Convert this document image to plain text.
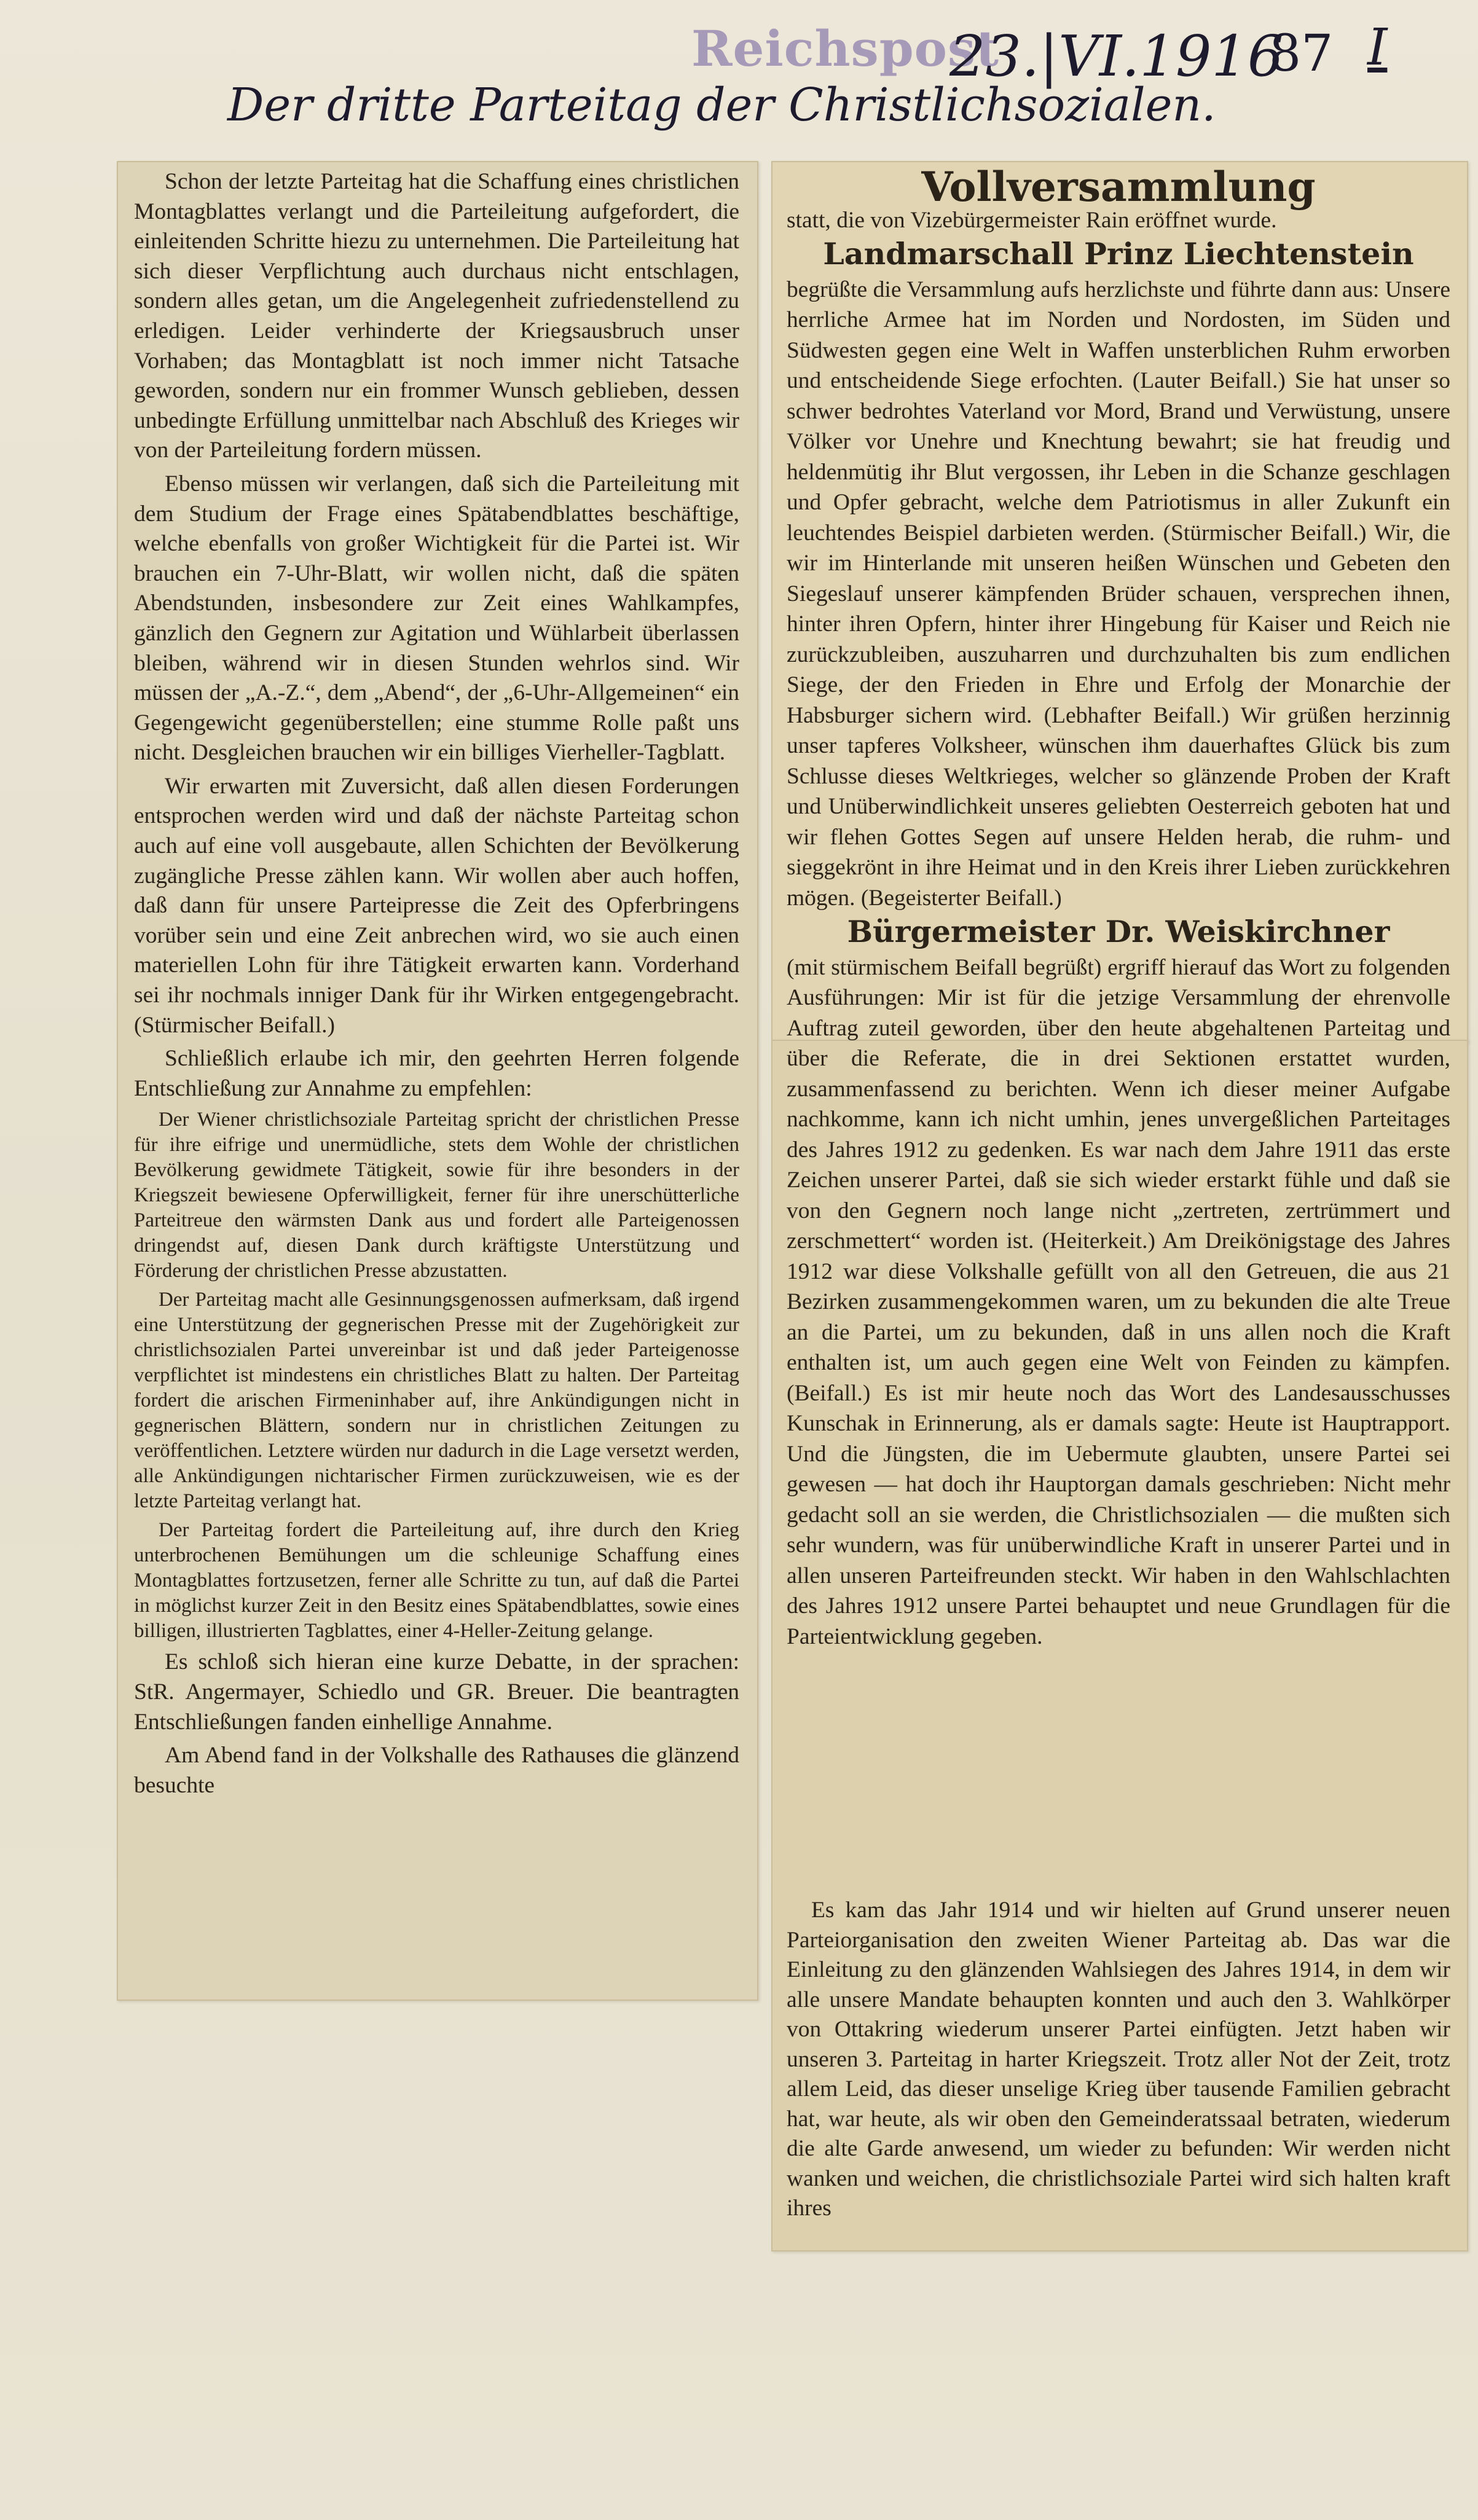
Reichspost
23.|VI.1916
87 I
Der dritte Parteitag der Christlichsozialen.

Schon der letzte Parteitag hat die Schaffung eines christlichen Montagblattes verlangt und die Parteileitung aufgefordert, die einleitenden Schritte hiezu zu unternehmen. Die Parteileitung hat sich dieser Verpflichtung auch durchaus nicht entschlagen, sondern alles getan, um die Angelegenheit zufriedenstellend zu erledigen. Leider verhinderte der Kriegsausbruch unser Vorhaben; das Montagblatt ist noch immer nicht Tatsache geworden, sondern nur ein frommer Wunsch geblieben, dessen unbedingte Erfüllung unmittelbar nach Abschluß des Krieges wir von der Parteileitung fordern müssen.

Ebenso müssen wir verlangen, daß sich die Parteileitung mit dem Studium der Frage eines Spätabendblattes beschäftige, welche ebenfalls von großer Wichtigkeit für die Partei ist. Wir brauchen ein 7-Uhr-Blatt, wir wollen nicht, daß die späten Abendstunden, insbesondere zur Zeit eines Wahlkampfes, gänzlich den Gegnern zur Agitation und Wühlarbeit überlassen bleiben, während wir in diesen Stunden wehrlos sind. Wir müssen der „A.-Z.“, dem „Abend“, der „6-Uhr-Allgemeinen“ ein Gegengewicht gegenüberstellen; eine stumme Rolle paßt uns nicht. Desgleichen brauchen wir ein billiges Vierheller-Tagblatt.

Wir erwarten mit Zuversicht, daß allen diesen Forderungen entsprochen werden wird und daß der nächste Parteitag schon auch auf eine voll ausgebaute, allen Schichten der Bevölkerung zugängliche Presse zählen kann. Wir wollen aber auch hoffen, daß dann für unsere Parteipresse die Zeit des Opferbringens vorüber sein und eine Zeit anbrechen wird, wo sie auch einen materiellen Lohn für ihre Tätigkeit erwarten kann. Vorderhand sei ihr nochmals inniger Dank für ihr Wirken entgegengebracht. (Stürmischer Beifall.)

Schließlich erlaube ich mir, den geehrten Herren folgende Entschließung zur Annahme zu empfehlen:

Der Wiener christlichsoziale Parteitag spricht der christlichen Presse für ihre eifrige und unermüdliche, stets dem Wohle der christlichen Bevölkerung gewidmete Tätigkeit, sowie für ihre besonders in der Kriegszeit bewiesene Opferwilligkeit, ferner für ihre unerschütterliche Parteitreue den wärmsten Dank aus und fordert alle Parteigenossen dringendst auf, diesen Dank durch kräftigste Unterstützung und Förderung der christlichen Presse abzustatten.

Der Parteitag macht alle Gesinnungsgenossen aufmerksam, daß irgend eine Unterstützung der gegnerischen Presse mit der Zugehörigkeit zur christlichsozialen Partei unvereinbar ist und daß jeder Parteigenosse verpflichtet ist mindestens ein christliches Blatt zu halten. Der Parteitag fordert die arischen Firmeninhaber auf, ihre Ankündigungen nicht in gegnerischen Blättern, sondern nur in christlichen Zeitungen zu veröffentlichen. Letztere würden nur dadurch in die Lage versetzt werden, alle Ankündigungen nichtarischer Firmen zurückzuweisen, wie es der letzte Parteitag verlangt hat.

Der Parteitag fordert die Parteileitung auf, ihre durch den Krieg unterbrochenen Bemühungen um die schleunige Schaffung eines Montagblattes fortzusetzen, ferner alle Schritte zu tun, auf daß die Partei in möglichst kurzer Zeit in den Besitz eines Spätabendblattes, sowie eines billigen, illustrierten Tagblattes, einer 4-Heller-Zeitung gelange.

Es schloß sich hieran eine kurze Debatte, in der sprachen: StR. Angermayer, Schiedlo und GR. Breuer. Die beantragten Entschließungen fanden einhellige Annahme.

Am Abend fand in der Volkshalle des Rathauses die glänzend besuchte

Vollversammlung

statt, die von Vizebürgermeister Rain eröffnet wurde.

Landmarschall Prinz Liechtenstein

begrüßte die Versammlung aufs herzlichste und führte dann aus: Unsere herrliche Armee hat im Norden und Nordosten, im Süden und Südwesten gegen eine Welt in Waffen unsterblichen Ruhm erworben und entscheidende Siege erfochten. (Lauter Beifall.) Sie hat unser so schwer bedrohtes Vaterland vor Mord, Brand und Verwüstung, unsere Völker vor Unehre und Knechtung bewahrt; sie hat freudig und heldenmütig ihr Blut vergossen, ihr Leben in die Schanze geschlagen und Opfer gebracht, welche dem Patriotismus in aller Zukunft ein leuchtendes Beispiel darbieten werden. (Stürmischer Beifall.) Wir, die wir im Hinterlande mit unseren heißen Wünschen und Gebeten den Siegeslauf unserer kämpfenden Brüder schauen, versprechen ihnen, hinter ihren Opfern, hinter ihrer Hingebung für Kaiser und Reich nie zurückzubleiben, auszuharren und durchzuhalten bis zum endlichen Siege, der den Frieden in Ehre und Erfolg der Monarchie der Habsburger sichern wird. (Lebhafter Beifall.) Wir grüßen herzinnig unser tapferes Volksheer, wünschen ihm dauerhaftes Glück bis zum Schlusse dieses Weltkrieges, welcher so glänzende Proben der Kraft und Unüberwindlichkeit unseres geliebten Oesterreich geboten hat und wir flehen Gottes Segen auf unsere Helden herab, die ruhm- und sieggekrönt in ihre Heimat und in den Kreis ihrer Lieben zurückkehren mögen. (Begeisterter Beifall.)

Bürgermeister Dr. Weiskirchner

(mit stürmischem Beifall begrüßt) ergriff hierauf das Wort zu folgenden Ausführungen: Mir ist für die jetzige Versammlung der ehrenvolle Auftrag zuteil geworden, über den heute abgehaltenen Parteitag und über die Referate, die in drei Sektionen erstattet wurden, zusammenfassend zu berichten. Wenn ich dieser meiner Aufgabe nachkomme, kann ich nicht umhin, jenes unvergeßlichen Parteitages des Jahres 1912 zu gedenken. Es war nach dem Jahre 1911 das erste Zeichen unserer Partei, daß sie sich wieder erstarkt fühle und daß sie von den Gegnern noch lange nicht „zertreten, zertrümmert und zerschmettert“ worden ist. (Heiterkeit.) Am Dreikönigstage des Jahres 1912 war diese Volkshalle gefüllt von all den Getreuen, die aus 21 Bezirken zusammengekommen waren, um zu bekunden die alte Treue an die Partei, um zu bekunden, daß in uns allen noch die Kraft enthalten ist, um auch gegen eine Welt von Feinden zu kämpfen. (Beifall.) Es ist mir heute noch das Wort des Landesausschusses Kunschak in Erinnerung, als er damals sagte: Heute ist Hauptrapport. Und die Jüngsten, die im Uebermute glaubten, unsere Partei sei gewesen — hat doch ihr Hauptorgan damals geschrieben: Nicht mehr gedacht soll an sie werden, die Christlichsozialen — die mußten sich sehr wundern, was für unüberwindliche Kraft in unserer Partei und in allen unseren Parteifreunden steckt. Wir haben in den Wahlschlachten des Jahres 1912 unsere Partei behauptet und neue Grundlagen für die Parteientwicklung gegeben.

Es kam das Jahr 1914 und wir hielten auf Grund unserer neuen Parteiorganisation den zweiten Wiener Parteitag ab. Das war die Einleitung zu den glänzenden Wahlsiegen des Jahres 1914, in dem wir alle unsere Mandate behaupten konnten und auch den 3. Wahlkörper von Ottakring wiederum unserer Partei einfügten. Jetzt haben wir unseren 3. Parteitag in harter Kriegszeit. Trotz aller Not der Zeit, trotz allem Leid, das dieser unselige Krieg über tausende Familien gebracht hat, war heute, als wir oben den Gemeinderatssaal betraten, wiederum die alte Garde anwesend, um wieder zu befunden: Wir werden nicht wanken und weichen, die christlichsoziale Partei wird sich halten kraft ihres
